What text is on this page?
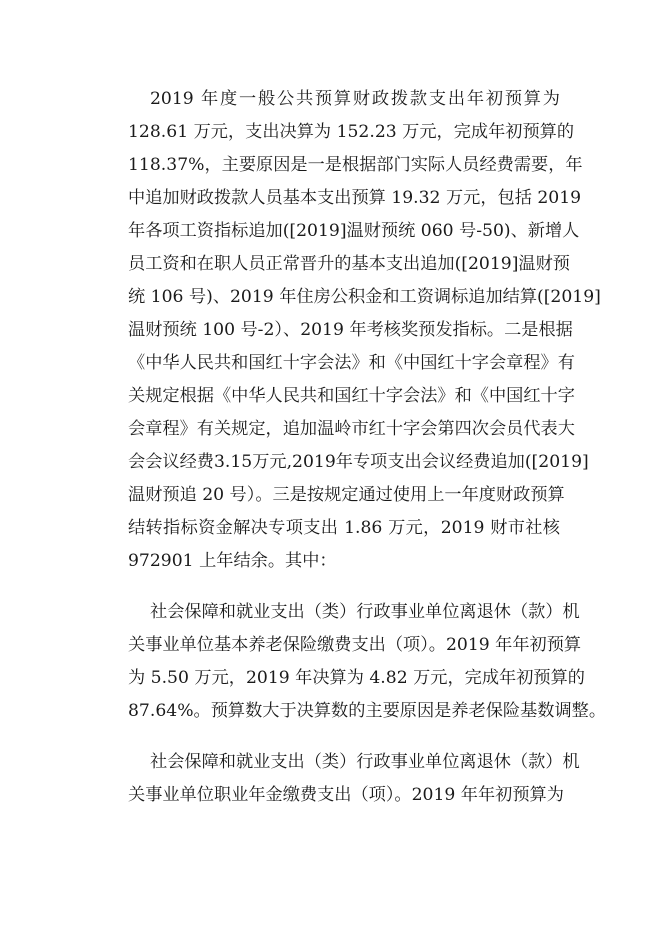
2019 年度一般公共预算财政拨款支出年初预算为
128.61 万元，支出决算为 152.23 万元，完成年初预算的
118.37%，主要原因是一是根据部门实际人员经费需要，年
中追加财政拨款人员基本支出预算 19.32 万元，包括 2019
年各项工资指标追加([2019]温财预统 060 号-50)、新增人
员工资和在职人员正常晋升的基本支出追加([2019]温财预
统 106 号)、2019 年住房公积金和工资调标追加结算([2019]
温财预统 100 号-2）、2019 年考核奖预发指标。二是根据
《中华人民共和国红十字会法》和《中国红十字会章程》有
关规定根据《中华人民共和国红十字会法》和《中国红十字
会章程》有关规定，追加温岭市红十字会第四次会员代表大
会会议经费3.15万元,2019年专项支出会议经费追加([2019]
温财预追 20 号）。三是按规定通过使用上一年度财政预算
结转指标资金解决专项支出 1.86 万元，2019 财市社核
972901 上年结余。其中：
社会保障和就业支出（类）行政事业单位离退休（款）机
关事业单位基本养老保险缴费支出（项）。2019 年年初预算
为 5.50 万元，2019 年决算为 4.82 万元，完成年初预算的
87.64%。预算数大于决算数的主要原因是养老保险基数调整。
社会保障和就业支出（类）行政事业单位离退休（款）机
关事业单位职业年金缴费支出（项）。2019 年年初预算为
